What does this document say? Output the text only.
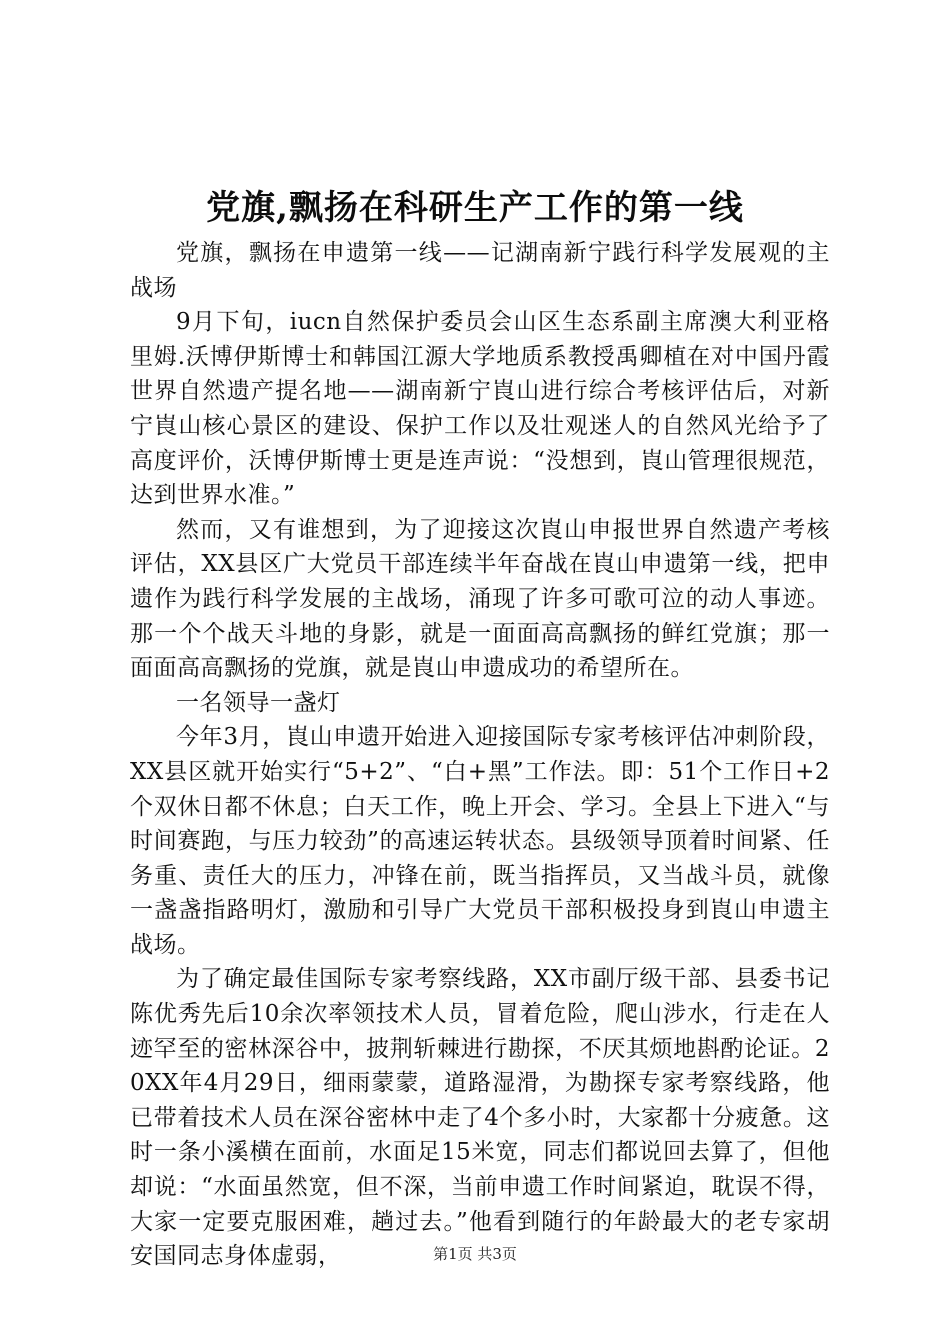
党旗,飘扬在科研生产工作的第一线

党旗，飘扬在申遗第一线——记湖南新宁践行科学发展观的主战场

9月下旬，iucn自然保护委员会山区生态系副主席澳大利亚格里姆.沃博伊斯博士和韩国江源大学地质系教授禹卿植在对中国丹霞世界自然遗产提名地——湖南新宁崀山进行综合考核评估后，对新宁崀山核心景区的建设、保护工作以及壮观迷人的自然风光给予了高度评价，沃博伊斯博士更是连声说：“没想到，崀山管理很规范，达到世界水准。”

然而，又有谁想到，为了迎接这次崀山申报世界自然遗产考核评估，XX县区广大党员干部连续半年奋战在崀山申遗第一线，把申遗作为践行科学发展的主战场，涌现了许多可歌可泣的动人事迹。那一个个战天斗地的身影，就是一面面高高飘扬的鲜红党旗；那一面面高高飘扬的党旗，就是崀山申遗成功的希望所在。

一名领导一盏灯

今年3月，崀山申遗开始进入迎接国际专家考核评估冲刺阶段，XX县区就开始实行“5+2”、“白+黑”工作法。即：51个工作日+2个双休日都不休息；白天工作，晚上开会、学习。全县上下进入“与时间赛跑，与压力较劲”的高速运转状态。县级领导顶着时间紧、任务重、责任大的压力，冲锋在前，既当指挥员，又当战斗员，就像一盏盏指路明灯，激励和引导广大党员干部积极投身到崀山申遗主战场。

为了确定最佳国际专家考察线路，XX市副厅级干部、县委书记陈优秀先后10余次率领技术人员，冒着危险，爬山涉水，行走在人迹罕至的密林深谷中，披荆斩棘进行勘探，不厌其烦地斟酌论证。20XX年4月29日，细雨蒙蒙，道路湿滑，为勘探专家考察线路，他已带着技术人员在深谷密林中走了4个多小时，大家都十分疲惫。这时一条小溪横在面前，水面足15米宽，同志们都说回去算了，但他却说：“水面虽然宽，但不深，当前申遗工作时间紧迫，耽误不得，大家一定要克服困难，趟过去。”他看到随行的年龄最大的老专家胡安国同志身体虚弱，	第1页 共3页
